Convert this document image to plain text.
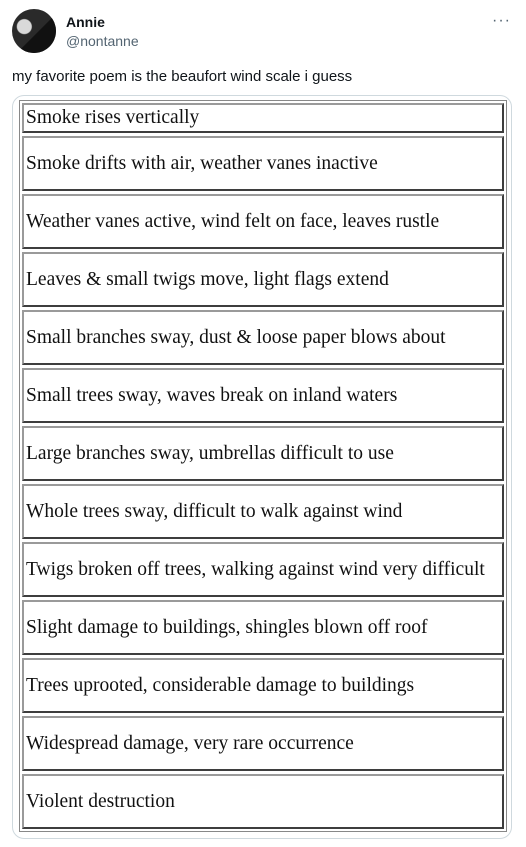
Annie
@nontanne
···
my favorite poem is the beaufort wind scale i guess
Smoke rises vertically
Smoke drifts with air, weather vanes inactive
Weather vanes active, wind felt on face, leaves rustle
Leaves & small twigs move, light flags extend
Small branches sway, dust & loose paper blows about
Small trees sway, waves break on inland waters
Large branches sway, umbrellas difficult to use
Whole trees sway, difficult to walk against wind
Twigs broken off trees, walking against wind very difficult
Slight damage to buildings, shingles blown off roof
Trees uprooted, considerable damage to buildings
Widespread damage, very rare occurrence
Violent destruction
